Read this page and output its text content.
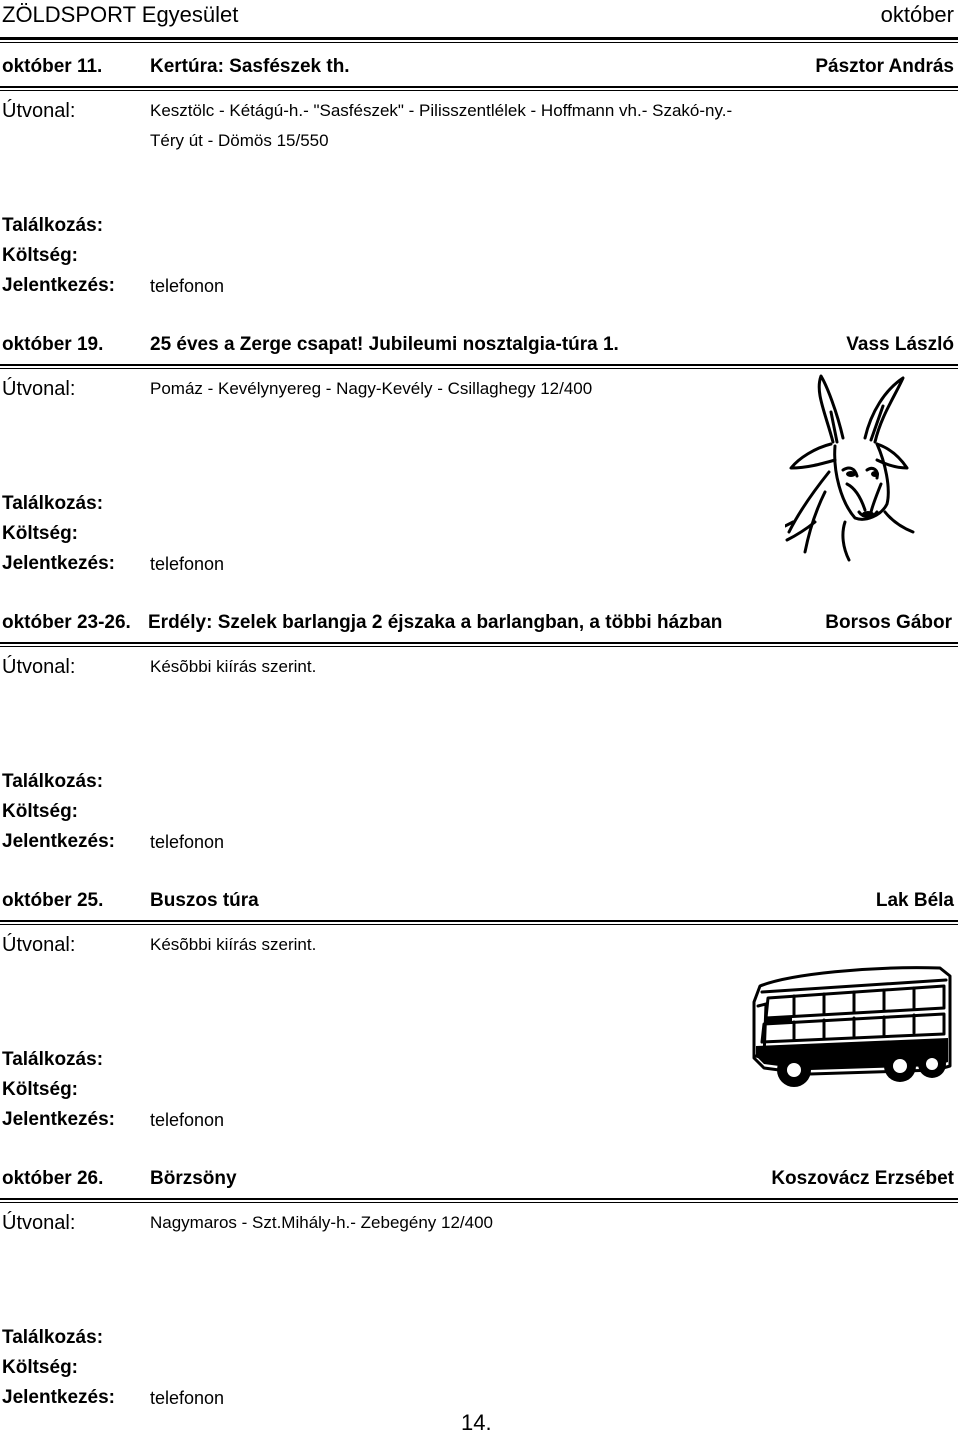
ZÖLDSPORT Egyesület	október
október 11.	Kertúra: Sasfészek th.	Pásztor András
Útvonal:	Kesztölc - Kétágú-h.- "Sasfészek" - Pilisszentlélek - Hoffmann vh.- Szakó-ny.- Téry út - Dömös 15/550
Találkozás:
Költség:
Jelentkezés: telefonon
október 19. 25 éves a Zerge csapat! Jubileumi nosztalgia-túra 1.	Vass László
Útvonal:	Pomáz - Kevélynyereg - Nagy-Kevély - Csillaghegy 12/400
Találkozás:
Költség:
Jelentkezés: telefonon
október 23-26. Erdély: Szelek barlangja 2 éjszaka a barlangban, a többi házban	Borsos Gábor
Útvonal:	Késõbbi kiírás szerint.
Találkozás:
Költség:
Jelentkezés: telefonon
október 25. Buszos túra	Lak Béla
Útvonal:	Késõbbi kiírás szerint.
Találkozás:
Költség:
Jelentkezés: telefonon
október 26. Börzsöny	Koszovácz Erzsébet
Útvonal:	Nagymaros - Szt.Mihály-h.- Zebegény 12/400
Találkozás:
Költség:
Jelentkezés: telefonon
14.
